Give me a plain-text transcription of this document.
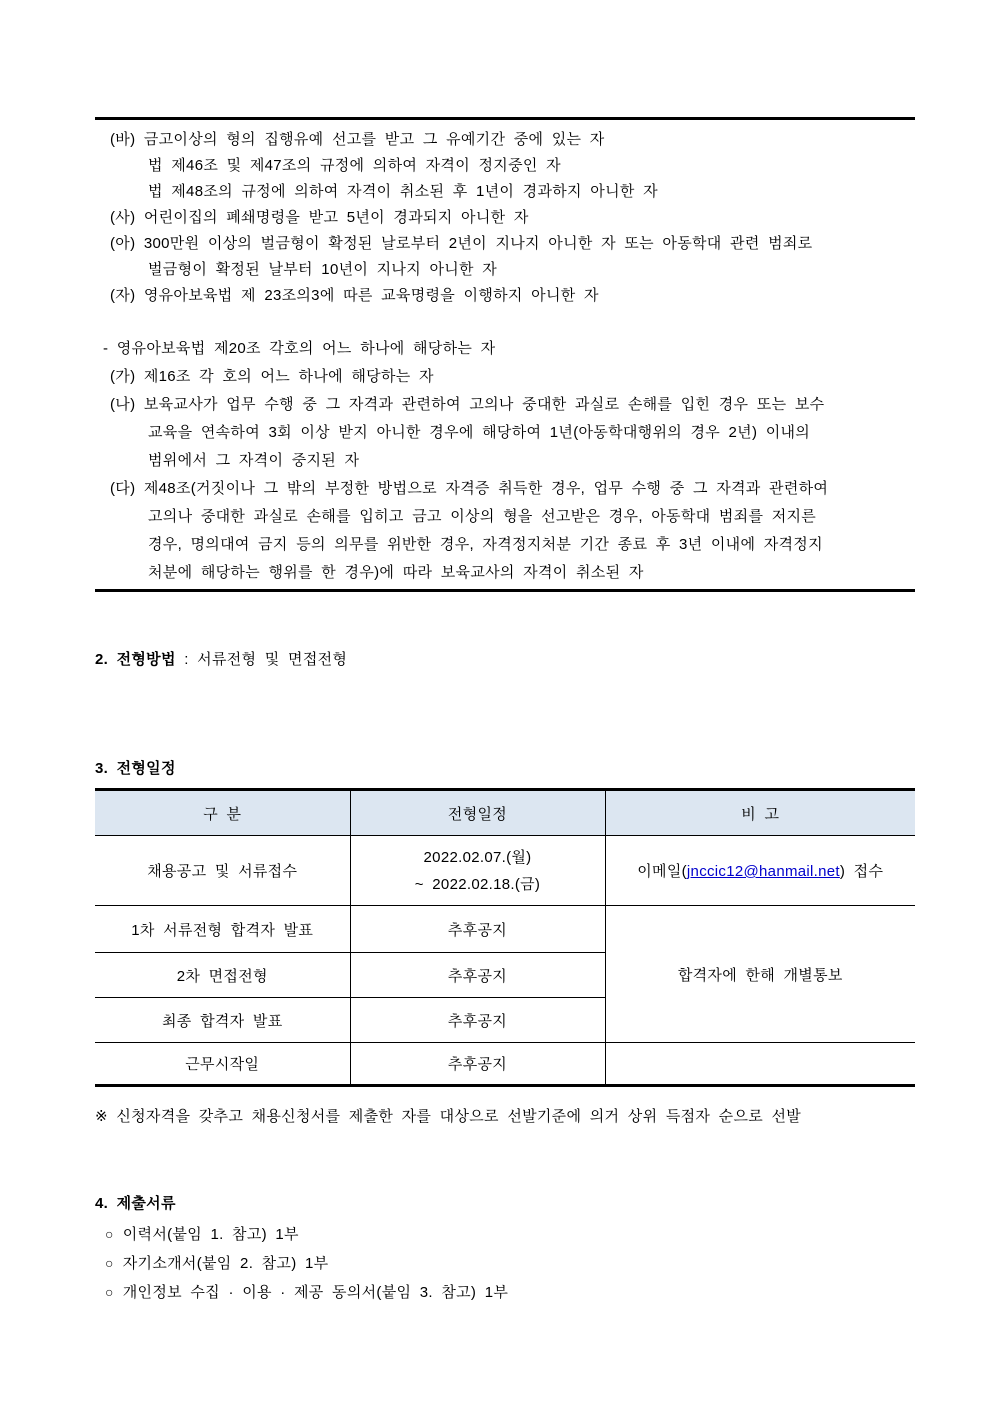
(바) 금고이상의 형의 집행유예 선고를 받고 그 유예기간 중에 있는 자
법 제46조 및 제47조의 규정에 의하여 자격이 정지중인 자
법 제48조의 규정에 의하여 자격이 취소된 후 1년이 경과하지 아니한 자
(사) 어린이집의 폐쇄명령을 받고 5년이 경과되지 아니한 자
(아) 300만원 이상의 벌금형이 확정된 날로부터 2년이 지나지 아니한 자 또는 아동학대 관련 범죄로
벌금형이 확정된 날부터 10년이 지나지 아니한 자
(자) 영유아보육법 제 23조의3에 따른 교육명령을 이행하지 아니한 자
- 영유아보육법 제20조 각호의 어느 하나에 해당하는 자
(가) 제16조 각 호의 어느 하나에 해당하는 자
(나) 보육교사가 업무 수행 중 그 자격과 관련하여 고의나 중대한 과실로 손해를 입힌 경우 또는 보수
교육을 연속하여 3회 이상 받지 아니한 경우에 해당하여 1년(아동학대행위의 경우 2년) 이내의
범위에서 그 자격이 중지된 자
(다) 제48조(거짓이나 그 밖의 부정한 방법으로 자격증 취득한 경우, 업무 수행 중 그 자격과 관련하여
고의나 중대한 과실로 손해를 입히고 금고 이상의 형을 선고받은 경우, 아동학대 범죄를 저지른
경우, 명의대여 금지 등의 의무를 위반한 경우, 자격정지처분 기간 종료 후 3년 이내에 자격정지
처분에 해당하는 행위를 한 경우)에 따라 보육교사의 자격이 취소된 자
2. 전형방법 : 서류전형 및 면접전형
3. 전형일정
구 분	전형일정	비 고
채용공고 및 서류접수	2022.02.07.(월)
~ 2022.02.18.(금)	이메일(jnccic12@hanmail.net) 접수
1차 서류전형 합격자 발표	추후공지	합격자에 한해 개별통보
2차 면접전형	추후공지	
최종 합격자 발표	추후공지	
근무시작일	추후공지	
※ 신청자격을 갖추고 채용신청서를 제출한 자를 대상으로 선발기준에 의거 상위 득점자 순으로 선발
4. 제출서류
○ 이력서(붙임 1. 참고) 1부
○ 자기소개서(붙임 2. 참고) 1부
○ 개인정보 수집 · 이용 · 제공 동의서(붙임 3. 참고) 1부
